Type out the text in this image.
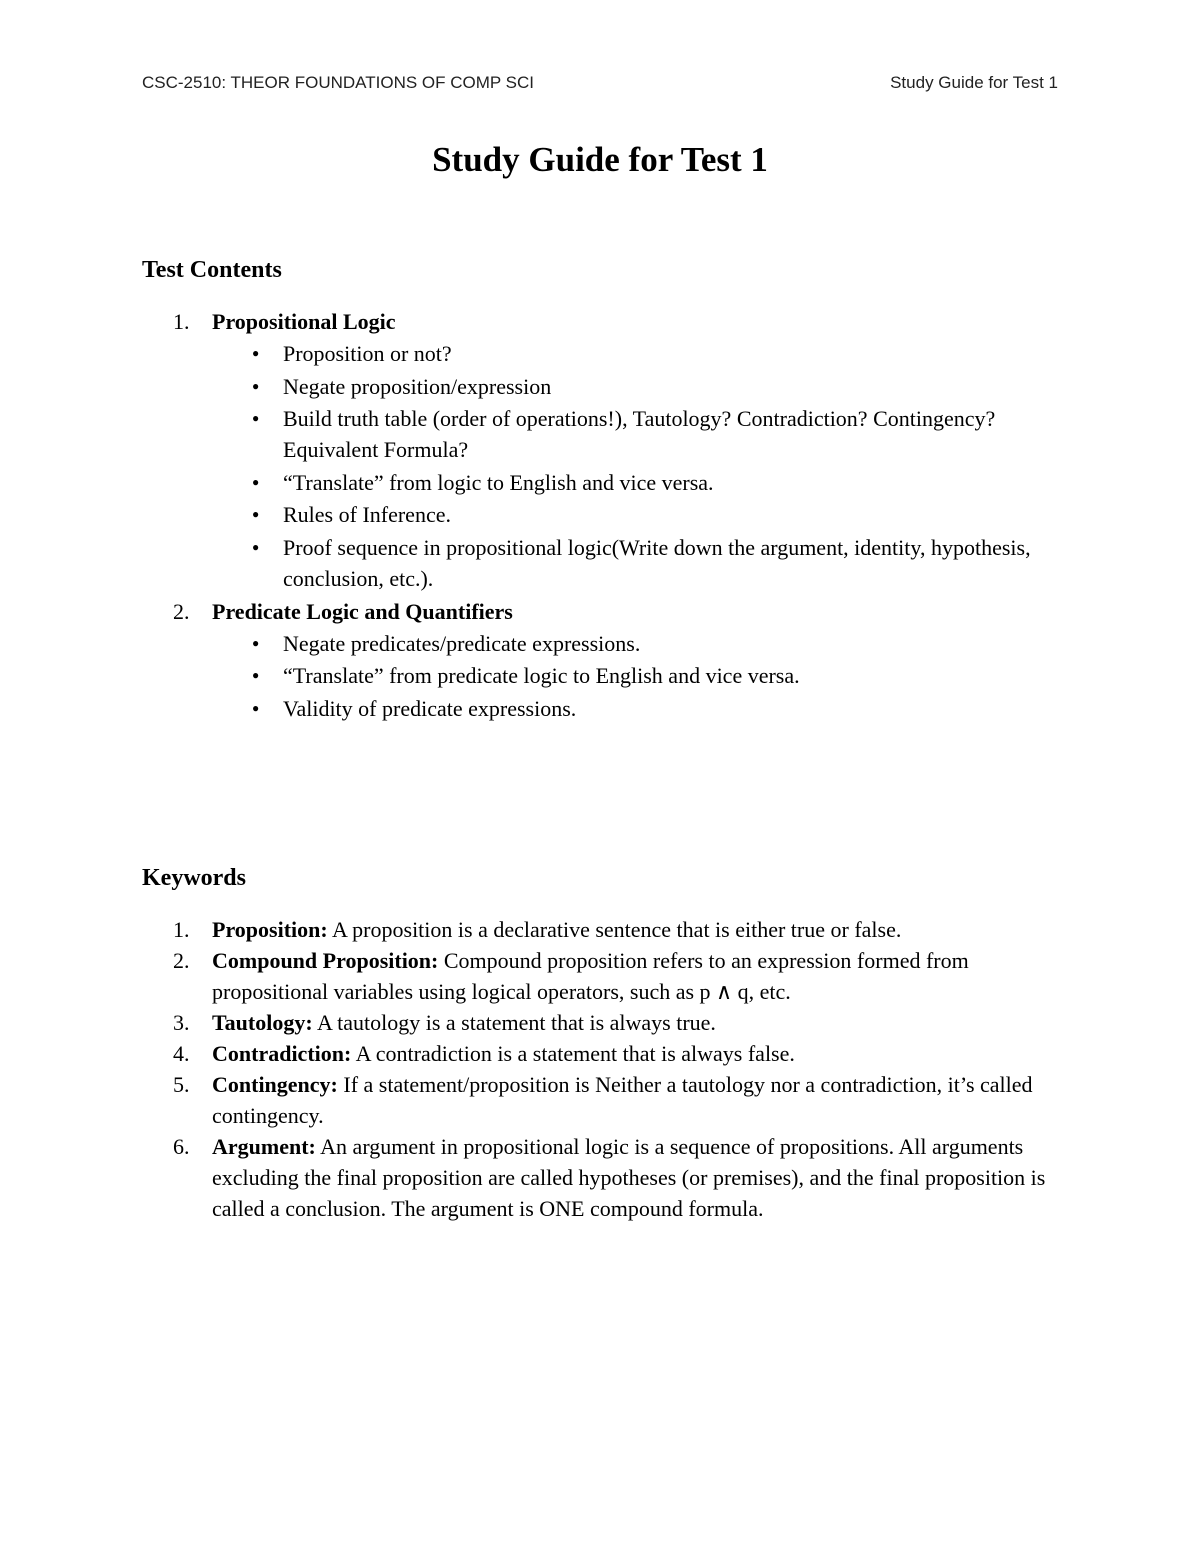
CSC-2510: THEOR FOUNDATIONS OF COMP SCI	Study Guide for Test 1
Study Guide for Test 1
Test Contents
1. Propositional Logic
● Proposition or not?
● Negate proposition/expression
● Build truth table (order of operations!), Tautology? Contradiction? Contingency? Equivalent Formula?
● “Translate” from logic to English and vice versa.
● Rules of Inference.
● Proof sequence in propositional logic(Write down the argument, identity, hypothesis, conclusion, etc.).
2. Predicate Logic and Quantifiers
● Negate predicates/predicate expressions.
● “Translate” from predicate logic to English and vice versa.
● Validity of predicate expressions.
Keywords
1. Proposition: A proposition is a declarative sentence that is either true or false.
2. Compound Proposition: Compound proposition refers to an expression formed from propositional variables using logical operators, such as p ∧ q, etc.
3. Tautology: A tautology is a statement that is always true.
4. Contradiction: A contradiction is a statement that is always false.
5. Contingency: If a statement/proposition is Neither a tautology nor a contradiction, it’s called contingency.
6. Argument: An argument in propositional logic is a sequence of propositions. All arguments excluding the final proposition are called hypotheses (or premises), and the final proposition is called a conclusion. The argument is ONE compound formula.
